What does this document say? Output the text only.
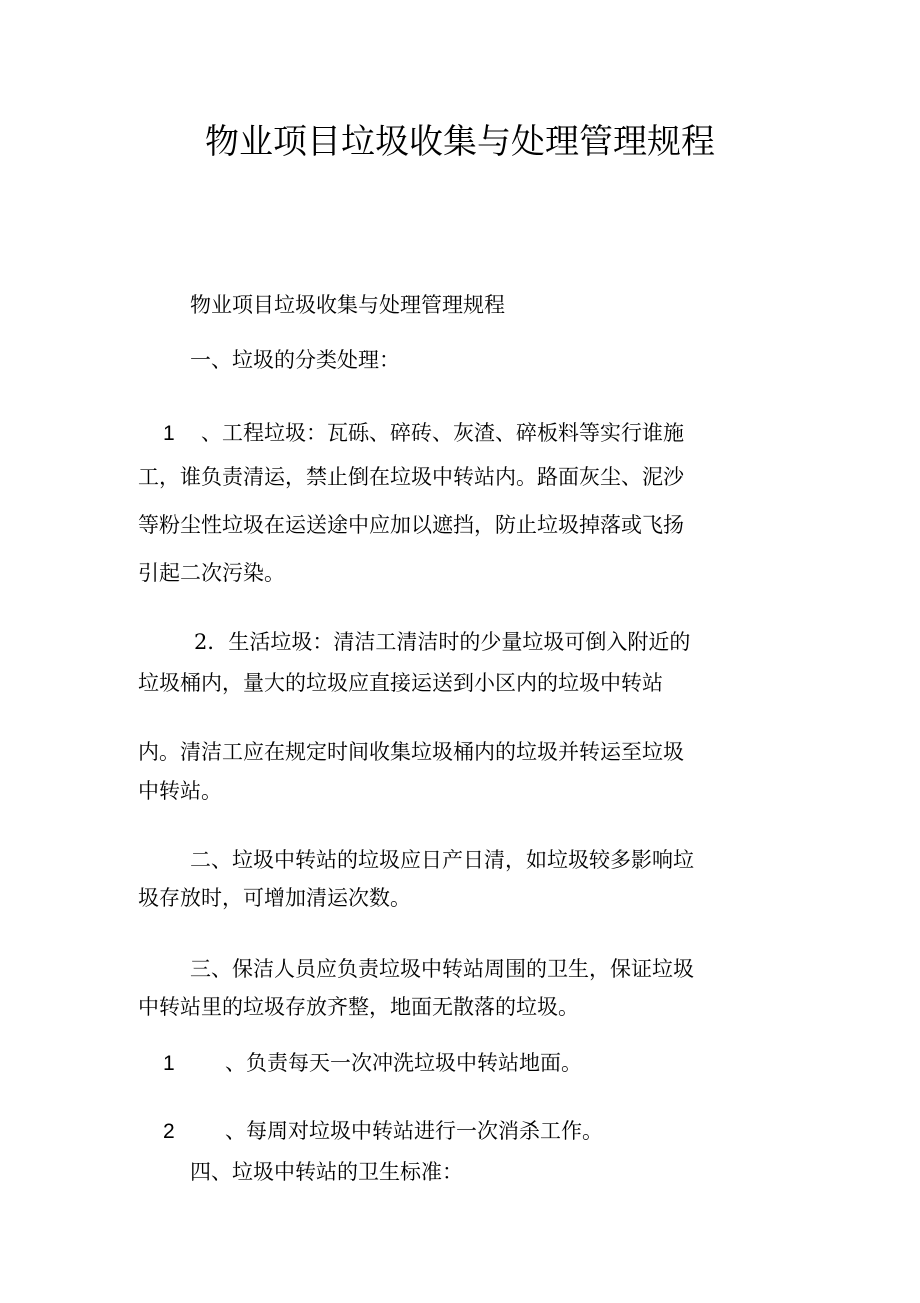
物业项目垃圾收集与处理管理规程
物业项目垃圾收集与处理管理规程
一、垃圾的分类处理：
1 、工程垃圾：瓦砾、碎砖、灰渣、碎板料等实行谁施
工，谁负责清运，禁止倒在垃圾中转站内。路面灰尘、泥沙
等粉尘性垃圾在运送途中应加以遮挡，防止垃圾掉落或飞扬
引起二次污染。
2．生活垃圾：清洁工清洁时的少量垃圾可倒入附近的
垃圾桶内，量大的垃圾应直接运送到小区内的垃圾中转站
内。清洁工应在规定时间收集垃圾桶内的垃圾并转运至垃圾
中转站。
二、垃圾中转站的垃圾应日产日清，如垃圾较多影响垃
圾存放时，可增加清运次数。
三、保洁人员应负责垃圾中转站周围的卫生，保证垃圾
中转站里的垃圾存放齐整，地面无散落的垃圾。
1 、负责每天一次冲洗垃圾中转站地面。
2 、每周对垃圾中转站进行一次消杀工作。
四、垃圾中转站的卫生标准：
